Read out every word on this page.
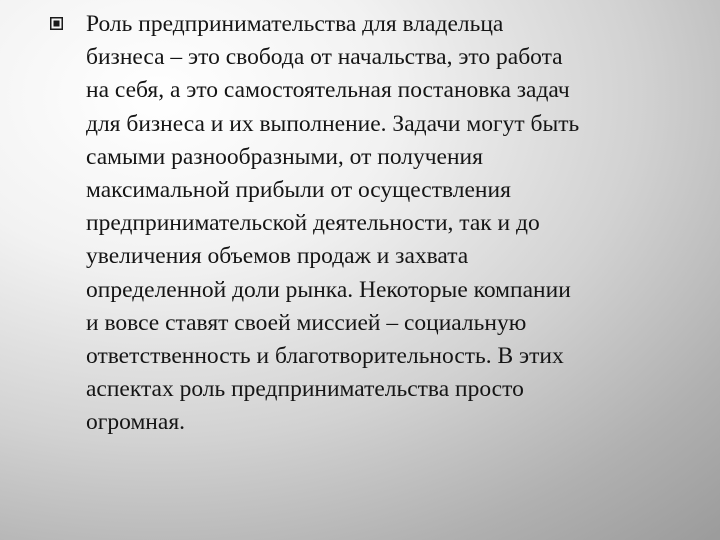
Роль предпринимательства для владельца
бизнеса – это свобода от начальства, это работа
на себя, а это самостоятельная постановка задач
для бизнеса и их выполнение. Задачи могут быть
самыми разнообразными, от получения
максимальной прибыли от осуществления
предпринимательской деятельности, так и до
увеличения объемов продаж и захвата
определенной доли рынка. Некоторые компании
и вовсе ставят своей миссией – социальную
ответственность и благотворительность. В этих
аспектах роль предпринимательства просто
огромная.
